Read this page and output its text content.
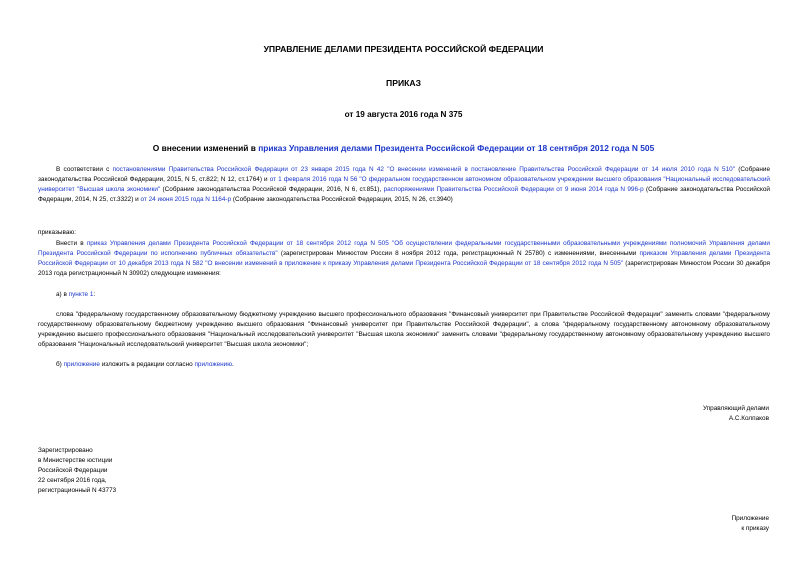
УПРАВЛЕНИЕ ДЕЛАМИ ПРЕЗИДЕНТА РОССИЙСКОЙ ФЕДЕРАЦИИ
ПРИКАЗ
от 19 августа 2016 года N 375
О внесении изменений в приказ Управления делами Президента Российской Федерации от 18 сентября 2012 года N 505
В соответствии с постановлениями Правительства Российской Федерации от 23 января 2015 года N 42 "О внесении изменений в постановление Правительства Российской Федерации от 14 июля 2010 года N 510" (Собрание законодательства Российской Федерации, 2015, N 5, ст.822; N 12, ст.1764) и от 1 февраля 2016 года N 56 "О федеральном государственном автономном образовательном учреждении высшего образования "Национальный исследовательский университет "Высшая школа экономики" (Собрание законодательства Российской Федерации, 2016, N 6, ст.851), распоряжениями Правительства Российской Федерации от 9 июня 2014 года N 996-р (Собрание законодательства Российской Федерации, 2014, N 25, ст.3322) и от 24 июня 2015 года N 1164-р (Собрание законодательства Российской Федерации, 2015, N 26, ст.3940)
приказываю:
Внести в приказ Управления делами Президента Российской Федерации от 18 сентября 2012 года N 505 "Об осуществлении федеральными государственными образовательными учреждениями полномочий Управления делами Президента Российской Федерации по исполнению публичных обязательств" (зарегистрирован Минюстом России 8 ноября 2012 года, регистрационный N 25780) с изменениями, внесенными приказом Управления делами Президента Российской Федерации от 10 декабря 2013 года N 582 "О внесении изменений в приложение к приказу Управления делами Президента Российской Федерации от 18 сентября 2012 года N 505" (зарегистрирован Минюстом России 30 декабря 2013 года регистрационный N 30902) следующие изменения:
а) в пункте 1:
слова "федеральному государственному образовательному бюджетному учреждению высшего профессионального образования "Финансовый университет при Правительстве Российской Федерации" заменить словами "федеральному государственному образовательному бюджетному учреждению высшего образования "Финансовый университет при Правительстве Российской Федерации", а слова "федеральному государственному автономному образовательному учреждению высшего профессионального образования "Национальный исследовательский университет "Высшая школа экономики" заменить словами "федеральному государственному автономному образовательному учреждению высшего образования "Национальный исследовательский университет "Высшая школа экономики";
б) приложение изложить в редакции согласно приложению.
Управляющий делами
А.С.Колпаков
Зарегистрировано
в Министерстве юстиции
Российской Федерации
22 сентября 2016 года,
регистрационный N 43773
Приложение
к приказу
